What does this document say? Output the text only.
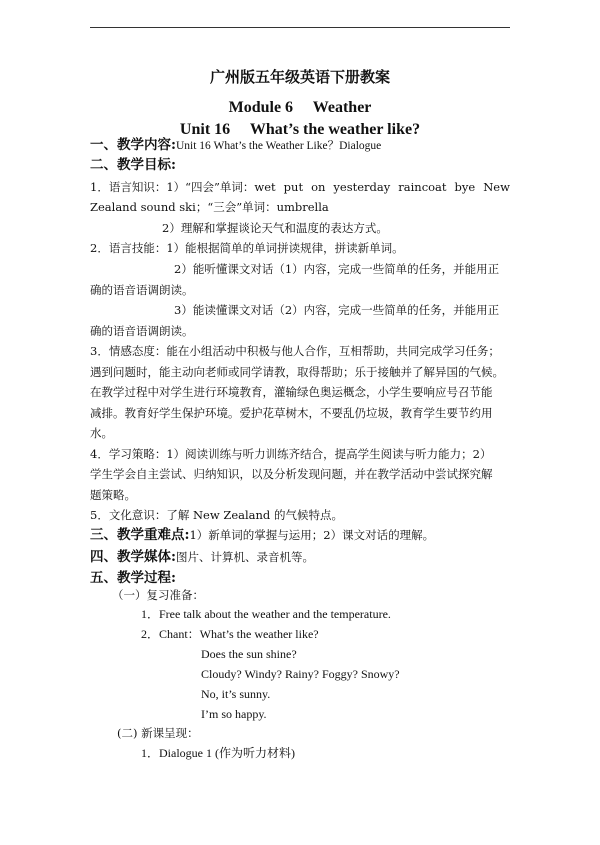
广州版五年级英语下册教案
Module 6　 Weather
Unit 16　 What’s the weather like?
一、教学内容:Unit 16 What’s the Weather Like？Dialogue
二、教学目标:
1．语言知识：1）“四会”单词：wet put on yesterday raincoat bye New
Zealand sound ski；“三会”单词：umbrella
2）理解和掌握谈论天气和温度的表达方式。
2．语言技能：1）能根据简单的单词拼读规律，拼读新单词。
2）能听懂课文对话（1）内容，完成一些简单的任务，并能用正
确的语音语调朗读。
3）能读懂课文对话（2）内容，完成一些简单的任务，并能用正
确的语音语调朗读。
3．情感态度：能在小组活动中积极与他人合作，互相帮助，共同完成学习任务；
遇到问题时，能主动向老师或同学请教，取得帮助；乐于接触并了解异国的气候。
在教学过程中对学生进行环境教育，灌输绿色奥运概念，小学生要响应号召节能
减排。教育好学生保护环境。爱护花草树木，不要乱仍垃圾，教育学生要节约用
水。
4．学习策略：1）阅读训练与听力训练齐结合，提高学生阅读与听力能力；2）
学生学会自主尝试、归纳知识，以及分析发现问题，并在教学活动中尝试探究解
题策略。
5．文化意识：了解 New Zealand 的气候特点。
三、教学重难点:1）新单词的掌握与运用；2）课文对话的理解。
四、教学媒体:图片、计算机、录音机等。
五、教学过程:
（一）复习准备：
1．Free talk about the weather and the temperature.
2．Chant：What’s the weather like?
Does the sun shine?
Cloudy? Windy? Rainy? Foggy? Snowy?
No, it’s sunny.
I’m so happy.
(二) 新课呈现：
1．Dialogue 1 (作为听力材料)
